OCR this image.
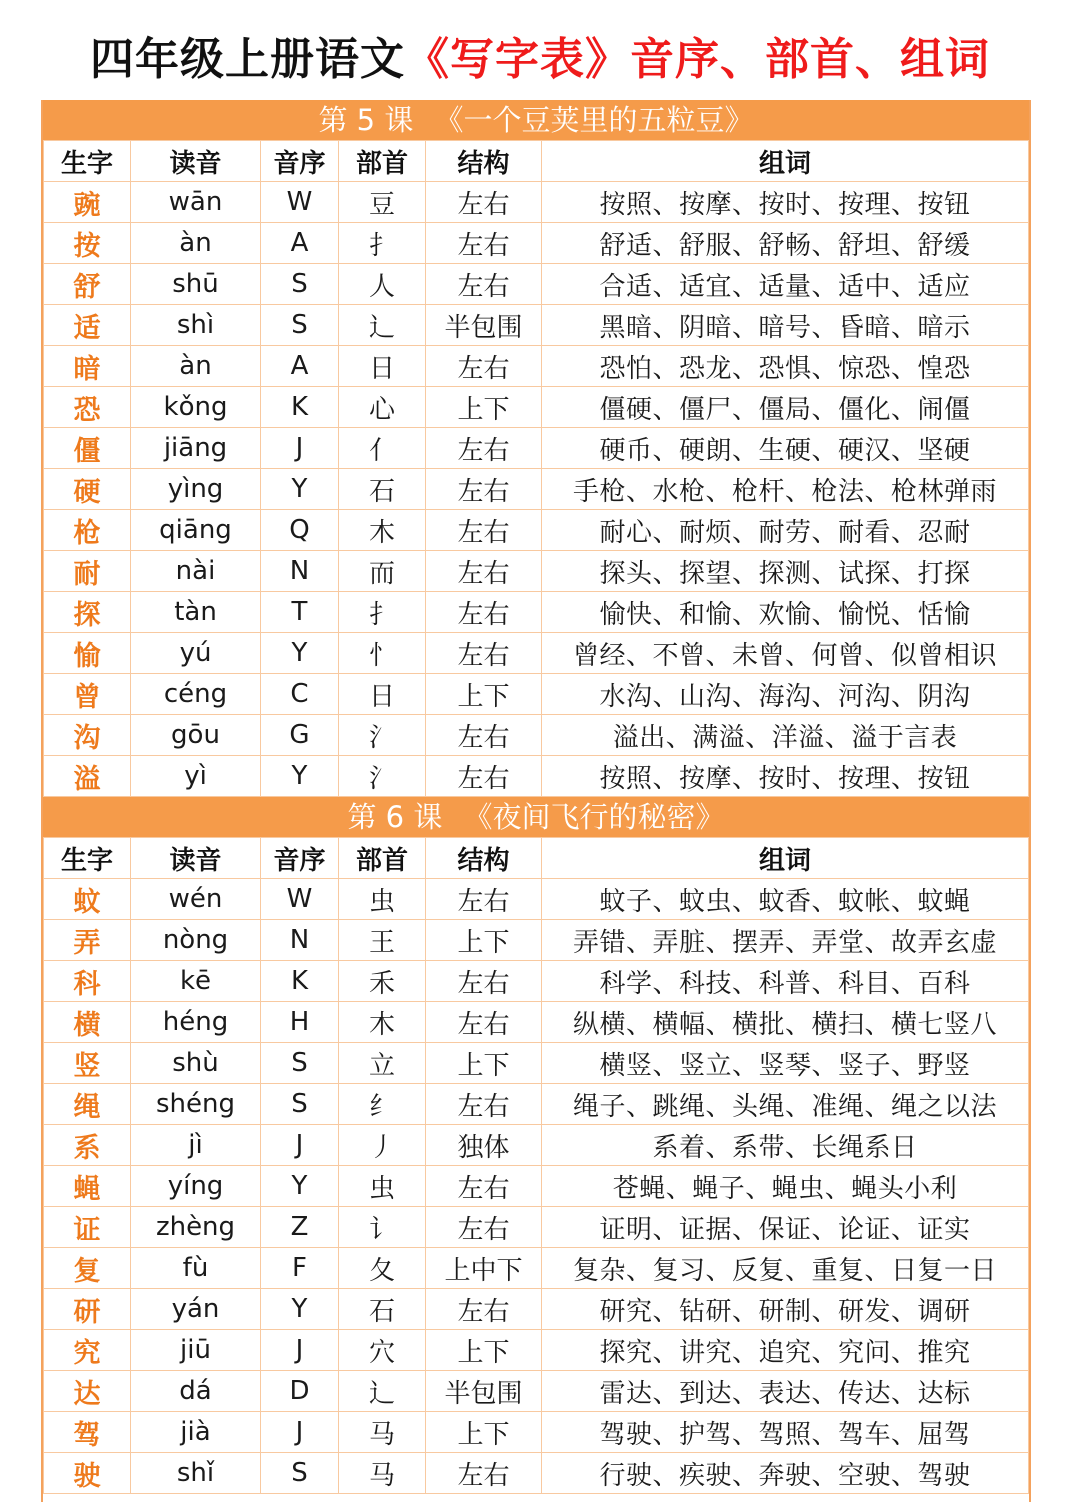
四年级上册语文《写字表》音序、部首、组词
第 5 课 《一个豆荚里的五粒豆》
生字	读音	音序	部首	结构	组词
豌	wān	W	豆	左右	按照、按摩、按时、按理、按钮
按	àn	A	扌	左右	舒适、舒服、舒畅、舒坦、舒缓
舒	shū	S	人	左右	合适、适宜、适量、适中、适应
适	shì	S	辶	半包围	黑暗、阴暗、暗号、昏暗、暗示
暗	àn	A	日	左右	恐怕、恐龙、恐惧、惊恐、惶恐
恐	kǒng	K	心	上下	僵硬、僵尸、僵局、僵化、闹僵
僵	jiāng	J	亻	左右	硬币、硬朗、生硬、硬汉、坚硬
硬	yìng	Y	石	左右	手枪、水枪、枪杆、枪法、枪林弹雨
枪	qiāng	Q	木	左右	耐心、耐烦、耐劳、耐看、忍耐
耐	nài	N	而	左右	探头、探望、探测、试探、打探
探	tàn	T	扌	左右	愉快、和愉、欢愉、愉悦、恬愉
愉	yú	Y	忄	左右	曾经、不曾、未曾、何曾、似曾相识
曾	céng	C	日	上下	水沟、山沟、海沟、河沟、阴沟
沟	gōu	G	氵	左右	溢出、满溢、洋溢、溢于言表
溢	yì	Y	氵	左右	按照、按摩、按时、按理、按钮
第 6 课 《夜间飞行的秘密》
生字	读音	音序	部首	结构	组词
蚊	wén	W	虫	左右	蚊子、蚊虫、蚊香、蚊帐、蚊蝇
弄	nòng	N	王	上下	弄错、弄脏、摆弄、弄堂、故弄玄虚
科	kē	K	禾	左右	科学、科技、科普、科目、百科
横	héng	H	木	左右	纵横、横幅、横批、横扫、横七竖八
竖	shù	S	立	上下	横竖、竖立、竖琴、竖子、野竖
绳	shéng	S	纟	左右	绳子、跳绳、头绳、准绳、绳之以法
系	jì	J	丿	独体	系着、系带、长绳系日
蝇	yíng	Y	虫	左右	苍蝇、蝇子、蝇虫、蝇头小利
证	zhèng	Z	讠	左右	证明、证据、保证、论证、证实
复	fù	F	夂	上中下	复杂、复习、反复、重复、日复一日
研	yán	Y	石	左右	研究、钻研、研制、研发、调研
究	jiū	J	穴	上下	探究、讲究、追究、究问、推究
达	dá	D	辶	半包围	雷达、到达、表达、传达、达标
驾	jià	J	马	上下	驾驶、护驾、驾照、驾车、屈驾
驶	shǐ	S	马	左右	行驶、疾驶、奔驶、空驶、驾驶
